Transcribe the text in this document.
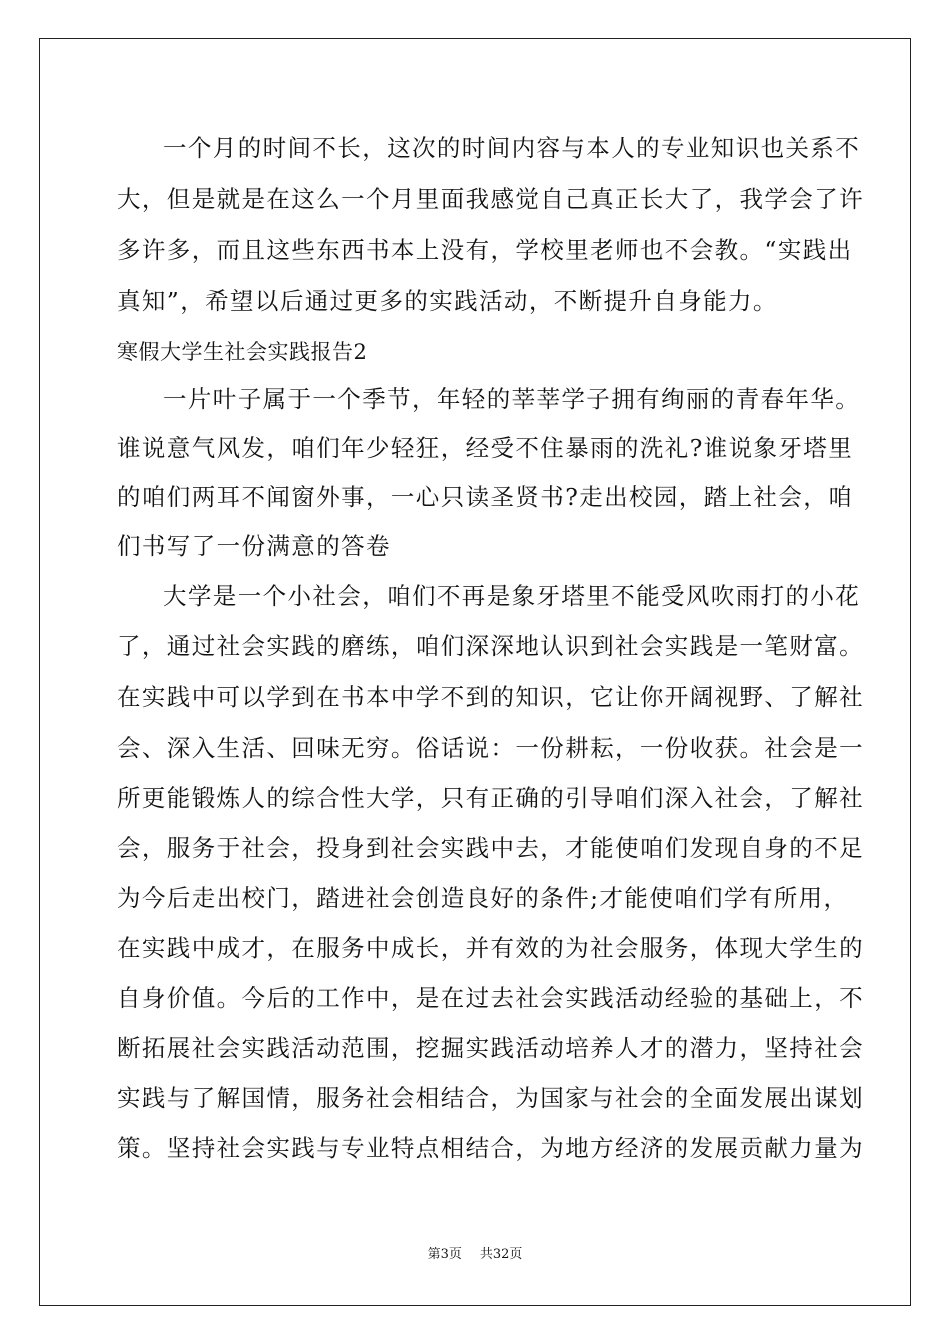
一个月的时间不长，这次的时间内容与本人的专业知识也关系不
大，但是就是在这么一个月里面我感觉自己真正长大了，我学会了许
多许多，而且这些东西书本上没有，学校里老师也不会教。“实践出
真知”，希望以后通过更多的实践活动，不断提升自身能力。
寒假大学生社会实践报告2
一片叶子属于一个季节，年轻的莘莘学子拥有绚丽的青春年华。
谁说意气风发，咱们年少轻狂，经受不住暴雨的洗礼?谁说象牙塔里
的咱们两耳不闻窗外事，一心只读圣贤书?走出校园，踏上社会，咱
们书写了一份满意的答卷
大学是一个小社会，咱们不再是象牙塔里不能受风吹雨打的小花
了，通过社会实践的磨练，咱们深深地认识到社会实践是一笔财富。
在实践中可以学到在书本中学不到的知识，它让你开阔视野、了解社
会、深入生活、回味无穷。俗话说：一份耕耘，一份收获。社会是一
所更能锻炼人的综合性大学，只有正确的引导咱们深入社会，了解社
会，服务于社会，投身到社会实践中去，才能使咱们发现自身的不足
为今后走出校门，踏进社会创造良好的条件;才能使咱们学有所用，
在实践中成才，在服务中成长，并有效的为社会服务，体现大学生的
自身价值。今后的工作中，是在过去社会实践活动经验的基础上，不
断拓展社会实践活动范围，挖掘实践活动培养人才的潜力，坚持社会
实践与了解国情，服务社会相结合，为国家与社会的全面发展出谋划
策。坚持社会实践与专业特点相结合，为地方经济的发展贡献力量为
第3页 共32页
